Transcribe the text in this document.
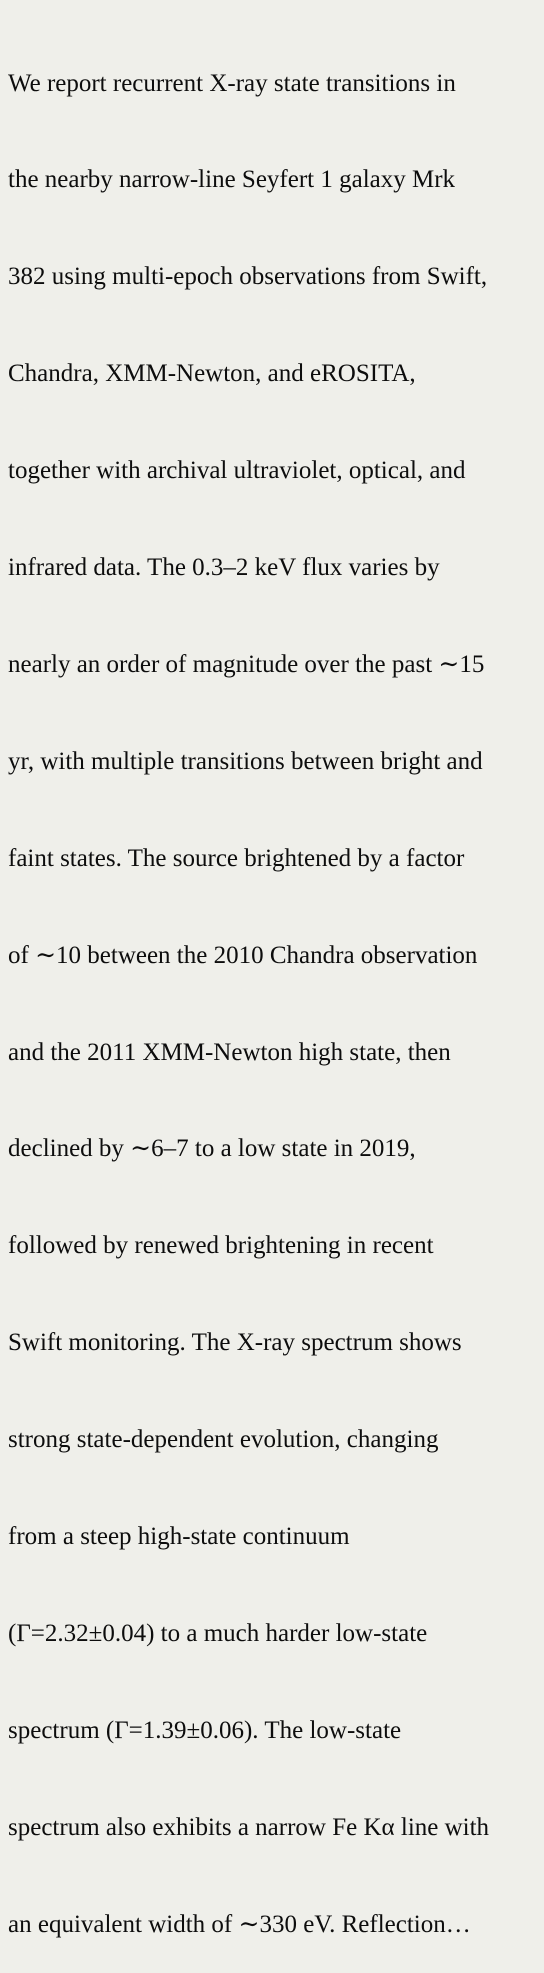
We report recurrent X-ray state transitions in

the nearby narrow-line Seyfert 1 galaxy Mrk

382 using multi-epoch observations from Swift,

Chandra, XMM-Newton, and eROSITA,

together with archival ultraviolet, optical, and

infrared data. The 0.3–2 keV flux varies by

nearly an order of magnitude over the past ∼15

yr, with multiple transitions between bright and

faint states. The source brightened by a factor

of ∼10 between the 2010 Chandra observation

and the 2011 XMM-Newton high state, then

declined by ∼6–7 to a low state in 2019,

followed by renewed brightening in recent

Swift monitoring. The X-ray spectrum shows

strong state-dependent evolution, changing

from a steep high-state continuum

(Γ=2.32±0.04) to a much harder low-state

spectrum (Γ=1.39±0.06). The low-state

spectrum also exhibits a narrow Fe Kα line with

an equivalent width of ∼330 eV. Reflection…
